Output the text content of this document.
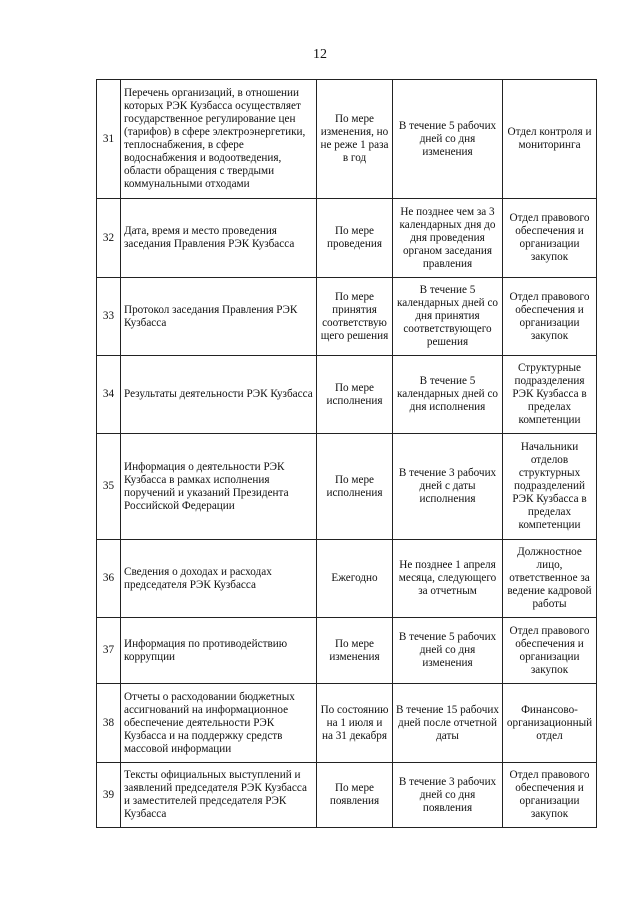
12
31	Перечень организаций, в отношении которых РЭК Кузбасса осуществляет государственное регулирование цен (тарифов) в сфере электроэнергетики, теплоснабжения, в сфере водоснабжения и водоотведения, области обращения с твердыми коммунальными отходами	По мере изменения, но не реже 1 раза в год	В течение 5 рабочих дней со дня изменения	Отдел контроля и мониторинга
32	Дата, время и место проведения заседания Правления РЭК Кузбасса	По мере проведения	Не позднее чем за 3 календарных дня до дня проведения органом заседания правления	Отдел правового обеспечения и организации закупок
33	Протокол заседания Правления РЭК Кузбасса	По мере принятия соответствую щего решения	В течение 5 календарных дней со дня принятия соответствующего решения	Отдел правового обеспечения и организации закупок
34	Результаты деятельности РЭК Кузбасса	По мере исполнения	В течение 5 календарных дней со дня исполнения	Структурные подразделения РЭК Кузбасса в пределах компетенции
35	Информация о деятельности РЭК Кузбасса в рамках исполнения поручений и указаний Президента Российской Федерации	По мере исполнения	В течение 3 рабочих дней с даты исполнения	Начальники отделов структурных подразделений РЭК Кузбасса в пределах компетенции
36	Сведения о доходах и расходах председателя РЭК Кузбасса	Ежегодно	Не позднее 1 апреля месяца, следующего за отчетным	Должностное лицо, ответственное за ведение кадровой работы
37	Информация по противодействию коррупции	По мере изменения	В течение 5 рабочих дней со дня изменения	Отдел правового обеспечения и организации закупок
38	Отчеты о расходовании бюджетных ассигнований на информационное обеспечение деятельности РЭК Кузбасса и на поддержку средств массовой информации	По состоянию на 1 июля и на 31 декабря	В течение 15 рабочих дней после отчетной даты	Финансово-организационный отдел
39	Тексты официальных выступлений и заявлений председателя РЭК Кузбасса и заместителей председателя РЭК Кузбасса	По мере появления	В течение 3 рабочих дней со дня появления	Отдел правового обеспечения и организации закупок
